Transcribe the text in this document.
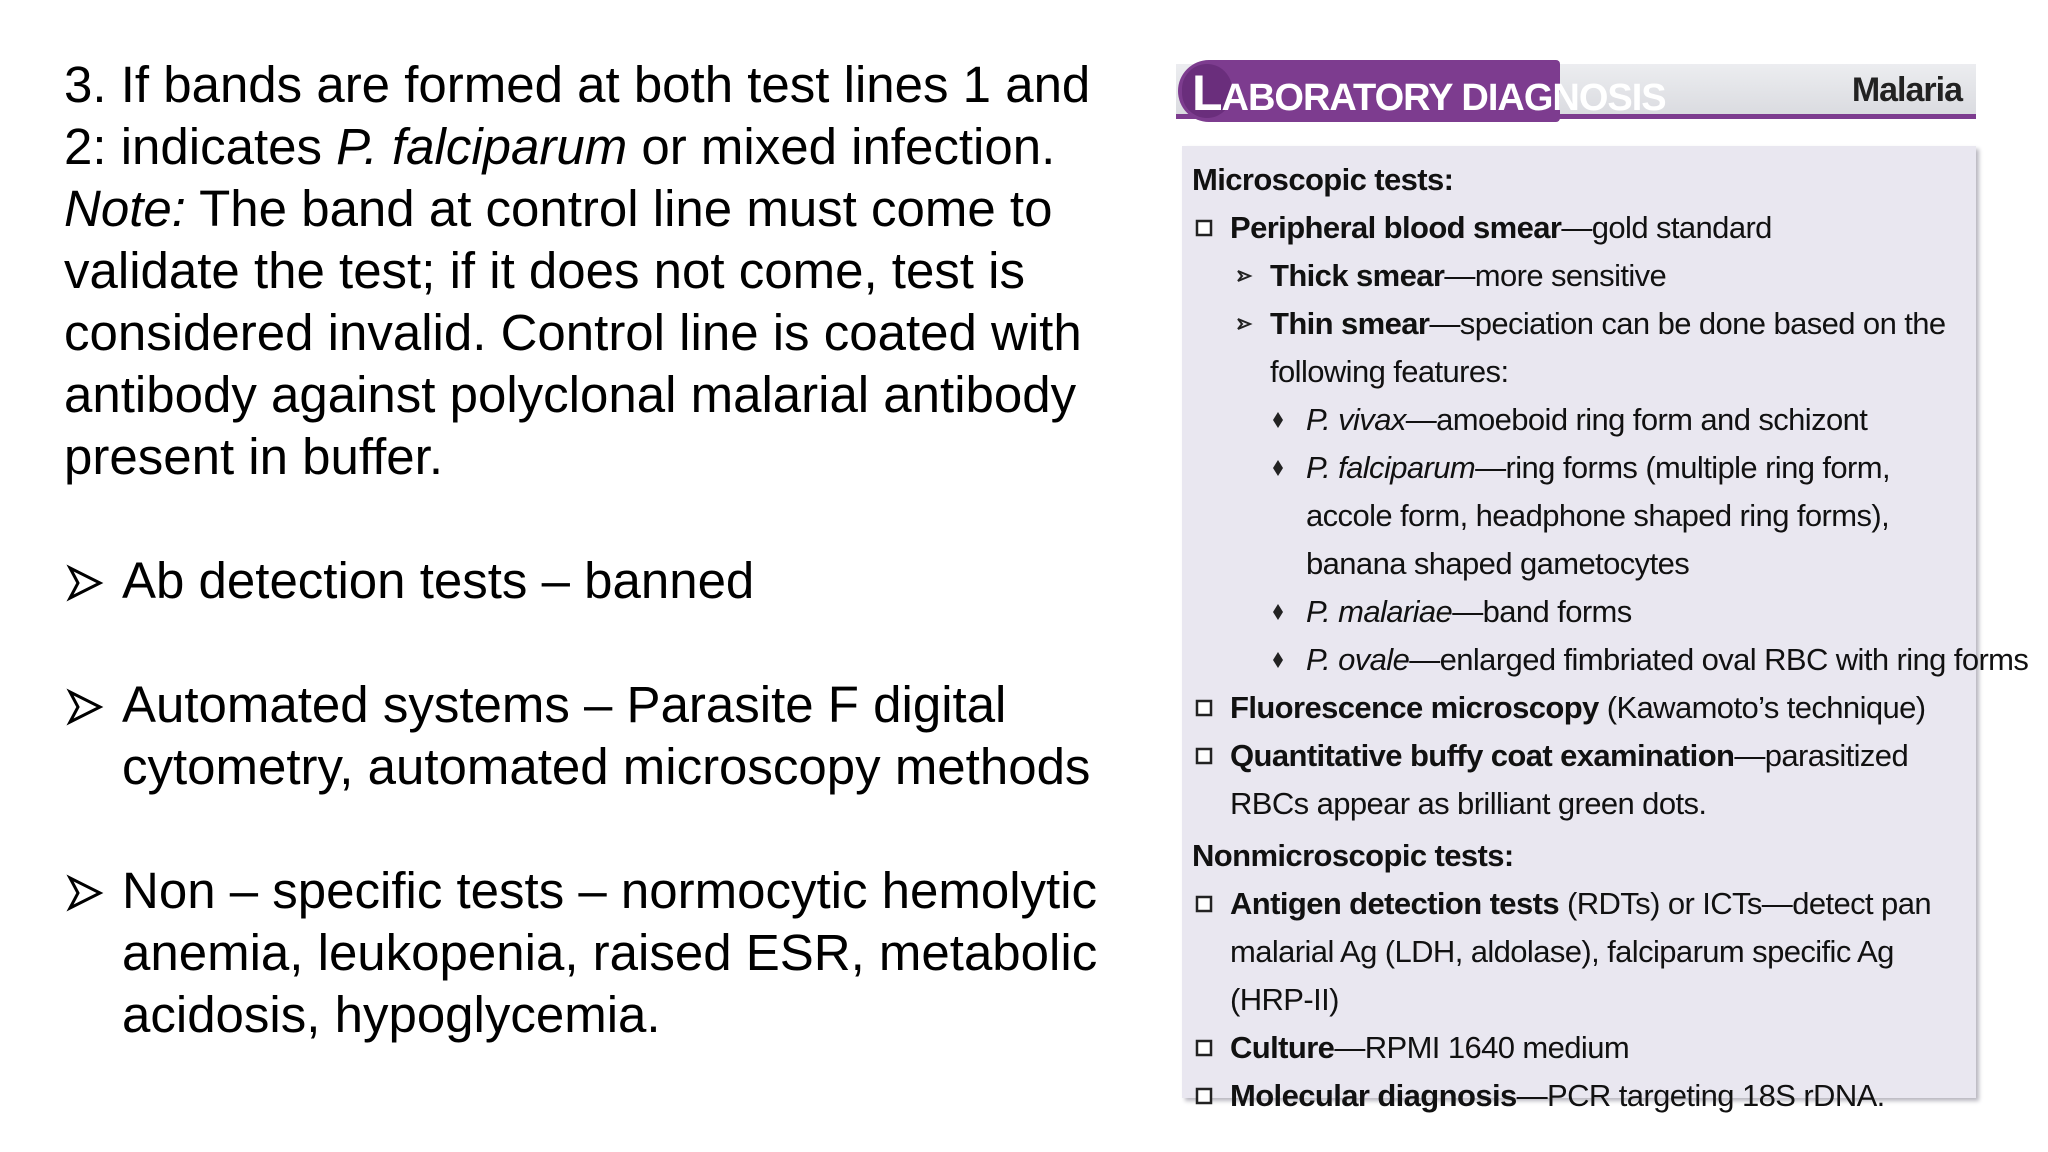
3. If bands are formed at both test lines 1 and 2: indicates P. falciparum or mixed infection.
Note: The band at control line must come to validate the test; if it does not come, test is considered invalid. Control line is coated with antibody against polyclonal malarial antibody present in buffer.

Ab detection tests – banned

Automated systems – Parasite F digital cytometry, automated microscopy methods

Non – specific tests – normocytic hemolytic anemia, leukopenia, raised ESR, metabolic acidosis, hypoglycemia.

LABORATORY DIAGNOSIS	Malaria

Microscopic tests:

Peripheral blood smear—gold standard

Thick smear—more sensitive

Thin smear—speciation can be done based on the following features:

P. vivax—amoeboid ring form and schizont

P. falciparum—ring forms (multiple ring form, accole form, headphone shaped ring forms), banana shaped gametocytes

P. malariae—band forms

P. ovale—enlarged fimbriated oval RBC with ring forms

Fluorescence microscopy (Kawamoto’s technique)

Quantitative buffy coat examination—parasitized RBCs appear as brilliant green dots.

Nonmicroscopic tests:

Antigen detection tests (RDTs) or ICTs—detect pan malarial Ag (LDH, aldolase), falciparum specific Ag (HRP-II)

Culture—RPMI 1640 medium

Molecular diagnosis—PCR targeting 18S rDNA.
